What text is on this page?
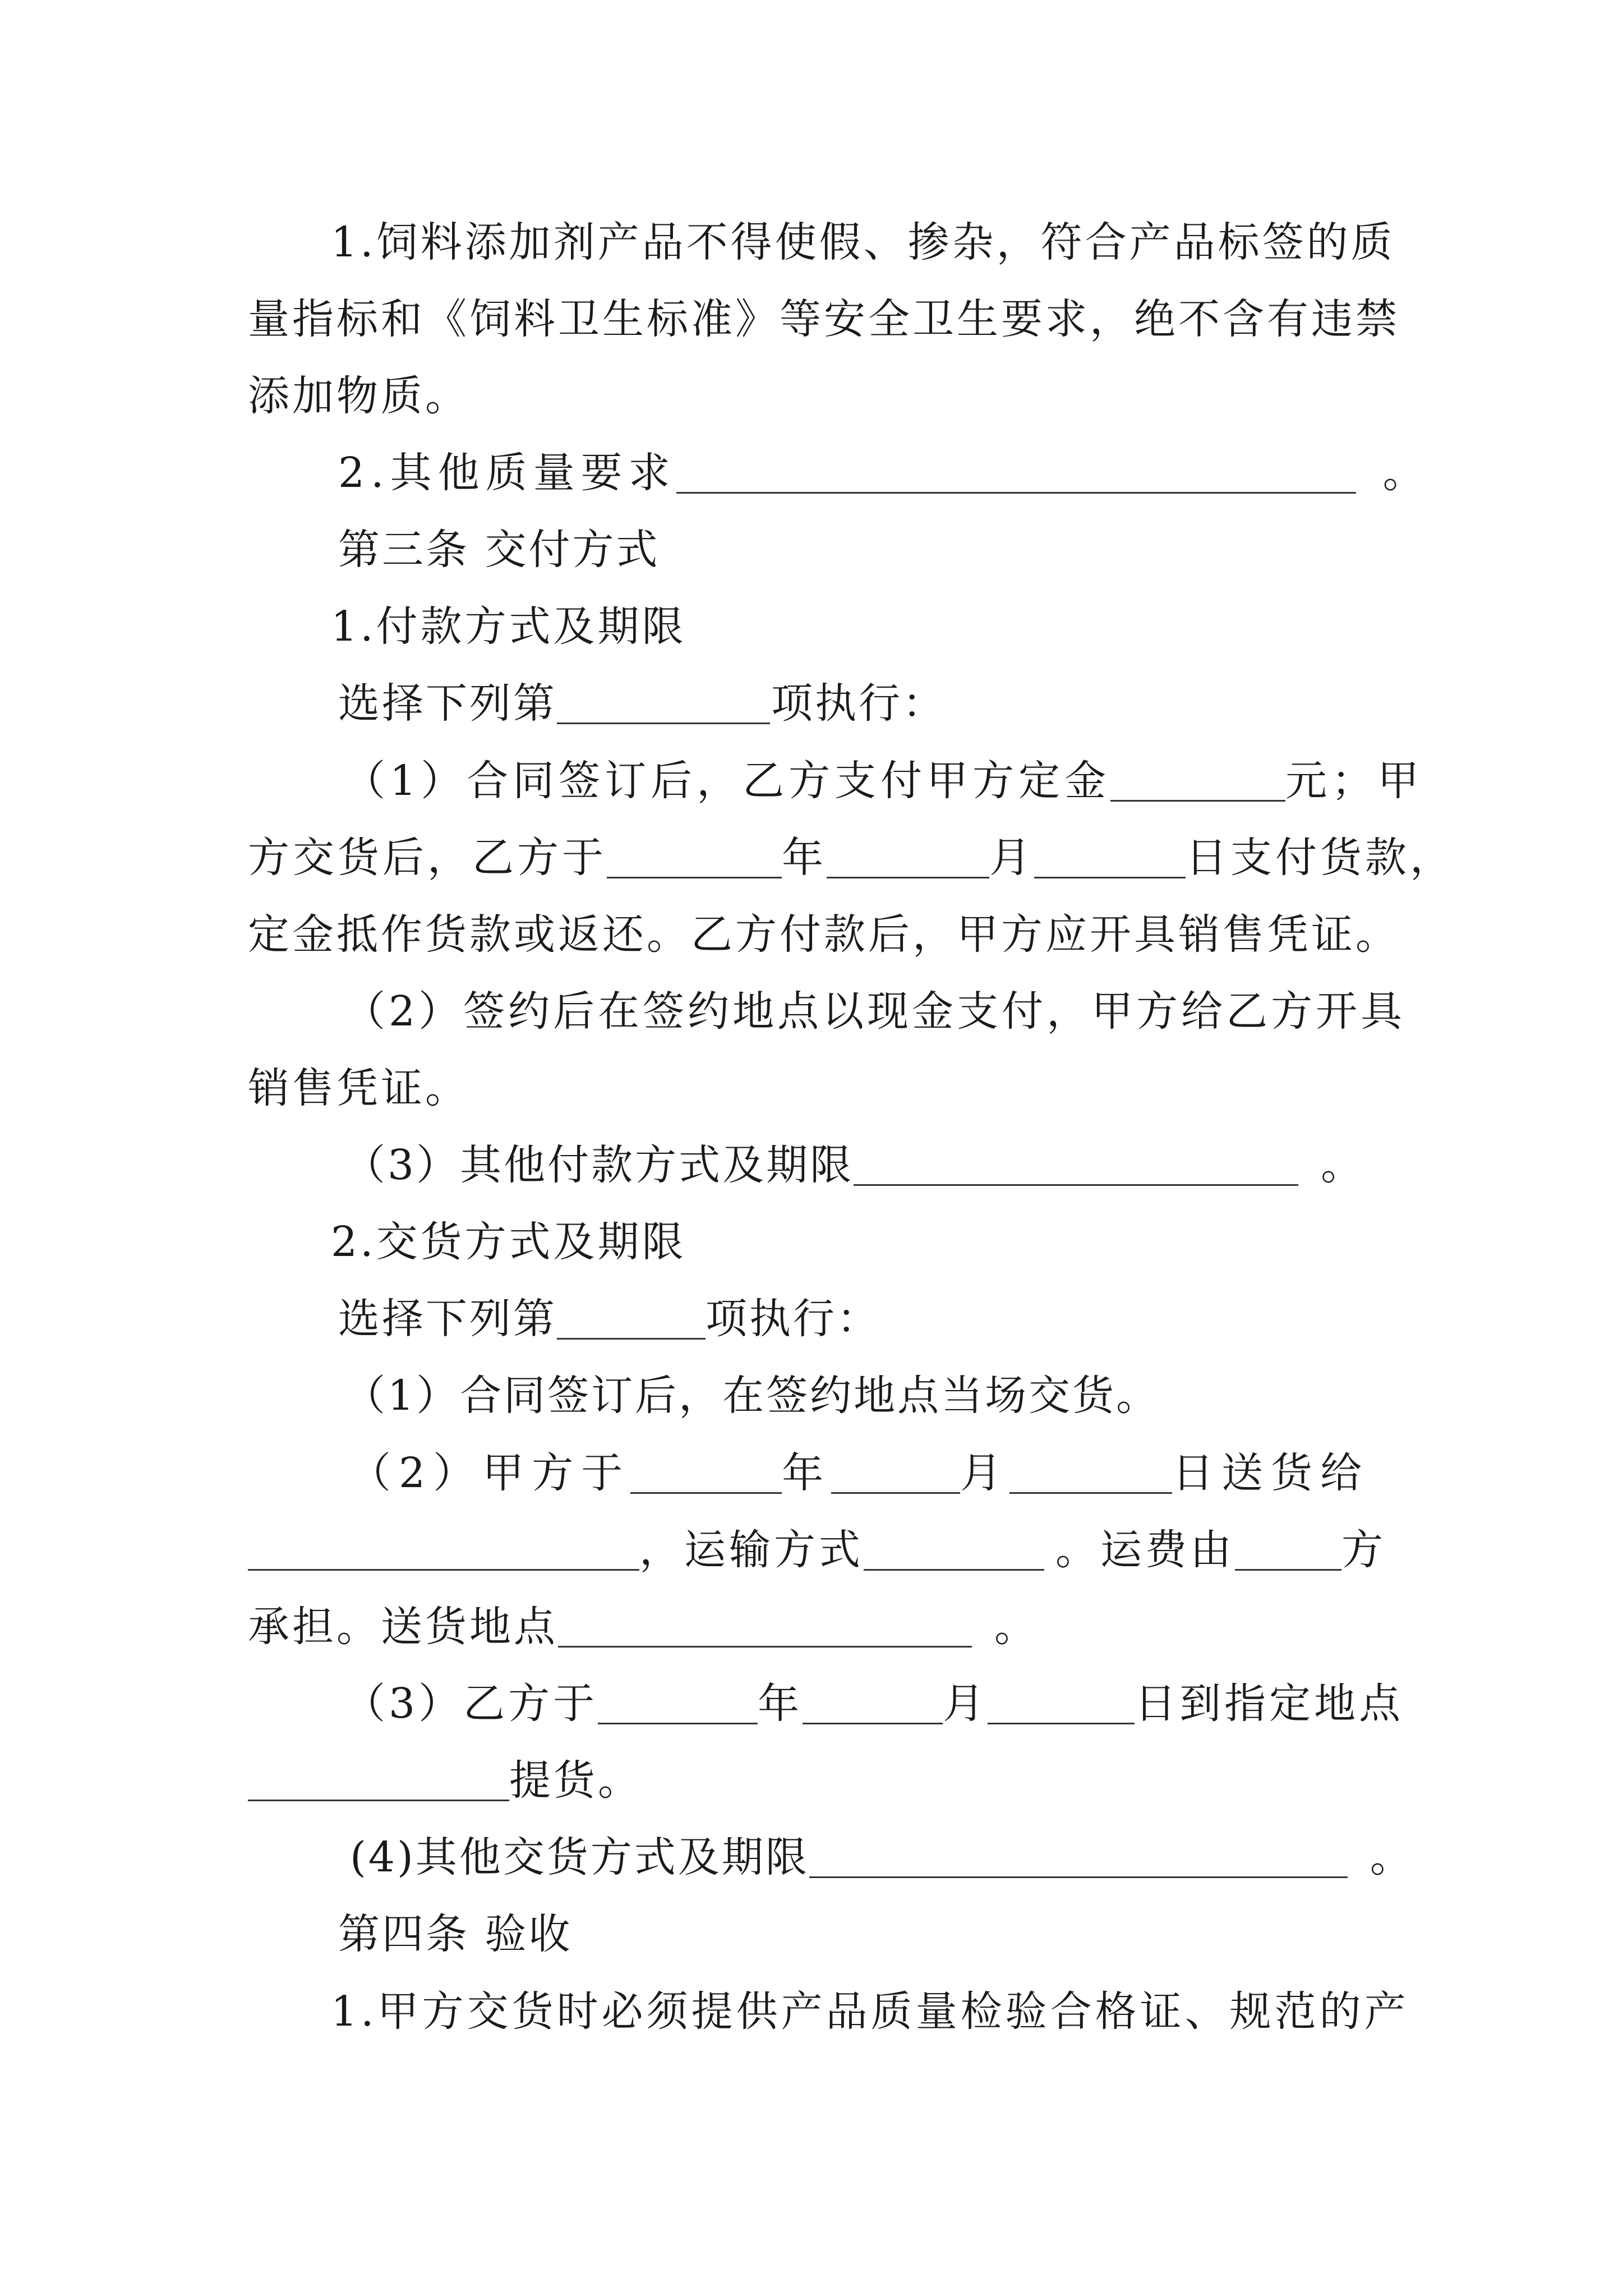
1.饲料添加剂产品不得使假、掺杂，符合产品标签的质
量指标和《饲料卫生标准》等安全卫生要求，绝不含有违禁
添加物质。
2.其他质量要求	。
第三条 交付方式
1.付款方式及期限
选择下列第	项执行：
（1）合同签订后，乙方支付甲方定金	元；甲
方交货后，乙方于	年	月	日支付货款，
定金抵作货款或返还。乙方付款后，甲方应开具销售凭证。
（2）签约后在签约地点以现金支付，甲方给乙方开具
销售凭证。
（3）其他付款方式及期限	。
2.交货方式及期限
选择下列第	项执行：
（1）合同签订后，在签约地点当场交货。
（2）甲方于	年	月	日送货给
，运输方式	。运费由	方
承担。送货地点	。
（3）乙方于	年	月	日到指定地点
提货。
(4)其他交货方式及期限	。
第四条 验收
1.甲方交货时必须提供产品质量检验合格证、规范的产
